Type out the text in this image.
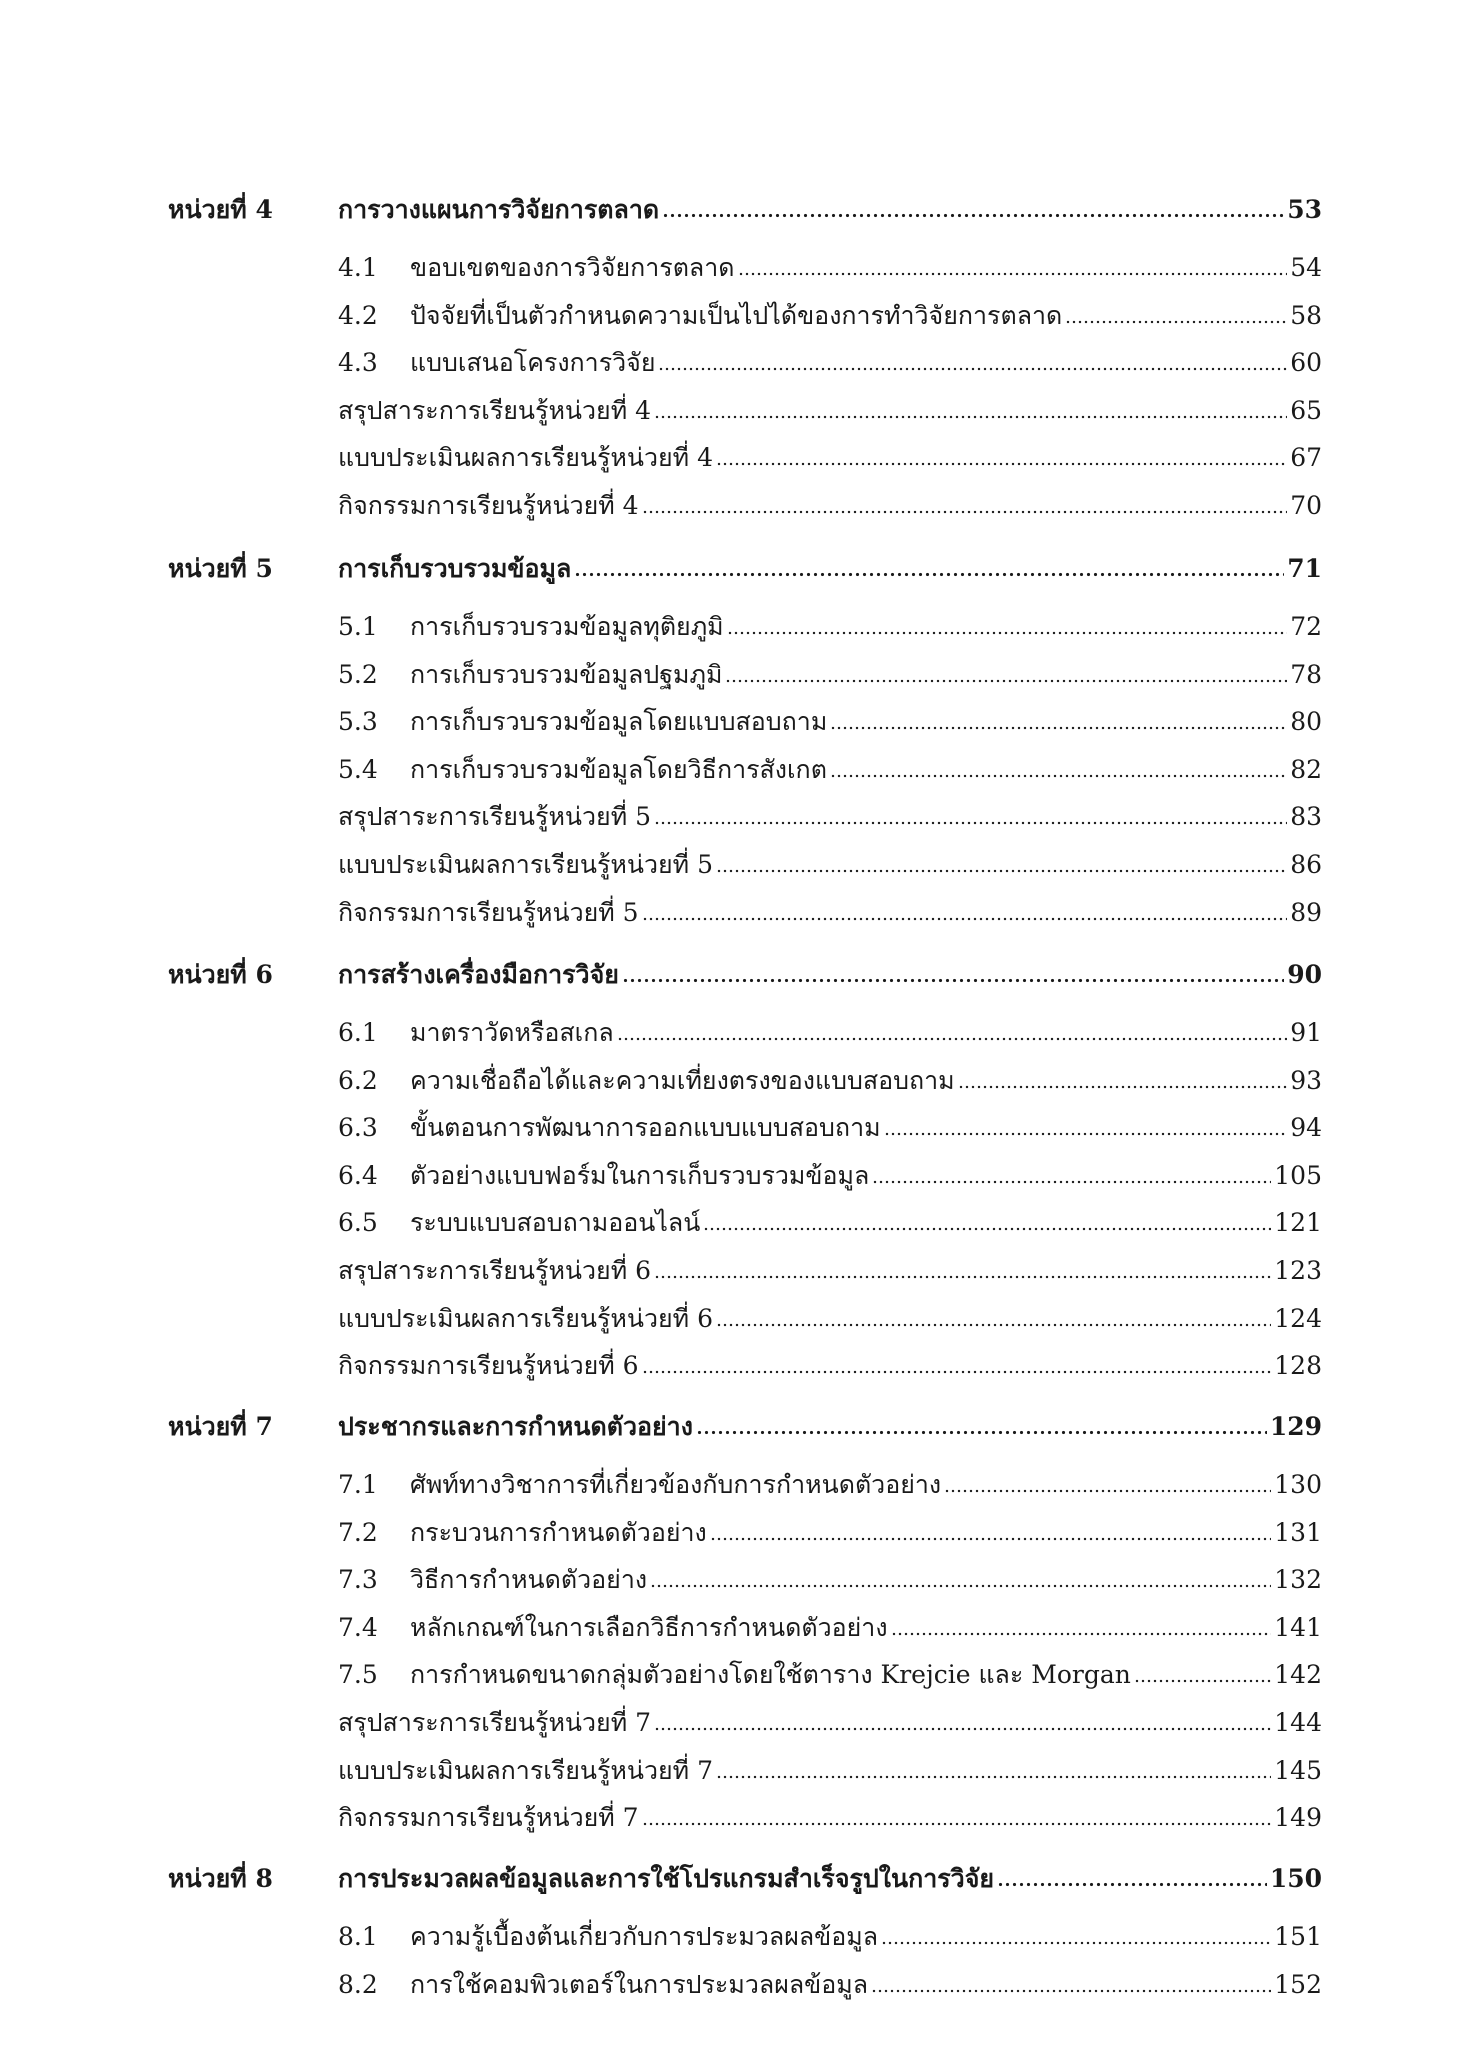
หน่วยที่ 4	การวางแผนการวิจัยการตลาด	53
4.1	ขอบเขตของการวิจัยการตลาด	54
4.2	ปัจจัยที่เป็นตัวกำหนดความเป็นไปได้ของการทำวิจัยการตลาด	58
4.3	แบบเสนอโครงการวิจัย	60
สรุปสาระการเรียนรู้หน่วยที่ 4	65
แบบประเมินผลการเรียนรู้หน่วยที่ 4	67
กิจกรรมการเรียนรู้หน่วยที่ 4	70
หน่วยที่ 5	การเก็บรวบรวมข้อมูล	71
5.1	การเก็บรวบรวมข้อมูลทุติยภูมิ	72
5.2	การเก็บรวบรวมข้อมูลปฐมภูมิ	78
5.3	การเก็บรวบรวมข้อมูลโดยแบบสอบถาม	80
5.4	การเก็บรวบรวมข้อมูลโดยวิธีการสังเกต	82
สรุปสาระการเรียนรู้หน่วยที่ 5	83
แบบประเมินผลการเรียนรู้หน่วยที่ 5	86
กิจกรรมการเรียนรู้หน่วยที่ 5	89
หน่วยที่ 6	การสร้างเครื่องมือการวิจัย	90
6.1	มาตราวัดหรือสเกล	91
6.2	ความเชื่อถือได้และความเที่ยงตรงของแบบสอบถาม	93
6.3	ขั้นตอนการพัฒนาการออกแบบแบบสอบถาม	94
6.4	ตัวอย่างแบบฟอร์มในการเก็บรวบรวมข้อมูล	105
6.5	ระบบแบบสอบถามออนไลน์	121
สรุปสาระการเรียนรู้หน่วยที่ 6	123
แบบประเมินผลการเรียนรู้หน่วยที่ 6	124
กิจกรรมการเรียนรู้หน่วยที่ 6	128
หน่วยที่ 7	ประชากรและการกำหนดตัวอย่าง	129
7.1	ศัพท์ทางวิชาการที่เกี่ยวข้องกับการกำหนดตัวอย่าง	130
7.2	กระบวนการกำหนดตัวอย่าง	131
7.3	วิธีการกำหนดตัวอย่าง	132
7.4	หลักเกณฑ์ในการเลือกวิธีการกำหนดตัวอย่าง	141
7.5	การกำหนดขนาดกลุ่มตัวอย่างโดยใช้ตาราง Krejcie และ Morgan	142
สรุปสาระการเรียนรู้หน่วยที่ 7	144
แบบประเมินผลการเรียนรู้หน่วยที่ 7	145
กิจกรรมการเรียนรู้หน่วยที่ 7	149
หน่วยที่ 8	การประมวลผลข้อมูลและการใช้โปรแกรมสำเร็จรูปในการวิจัย	150
8.1	ความรู้เบื้องต้นเกี่ยวกับการประมวลผลข้อมูล	151
8.2	การใช้คอมพิวเตอร์ในการประมวลผลข้อมูล	152
